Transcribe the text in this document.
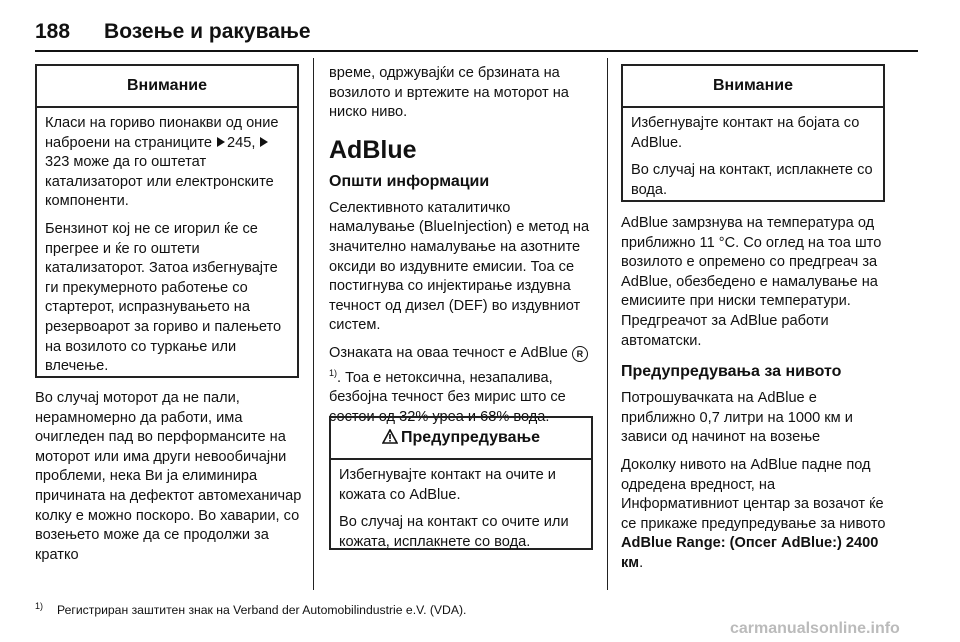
188 Возење и ракување
Внимание

Класи на гориво пионакви од оние наброени на страниците 245, 323 може да го оштетат катализаторот или електронските компоненти.

Бензинот кој не се игорил ќе се прегрее и ќе го оштети катализаторот. Затоа избегнувајте ги прекумерното работење со стартерот, испразнувањето на резервоарот за гориво и палењето на возилото со туркање или влечење.

Во случај моторот да не пали, нерамномерно да работи, има очигледен пад во перформансите на моторот или има други невообичајни проблеми, нека Ви ја елиминира причината на дефектот автомеханичар колку е можно поскоро. Во хаварии, со возењето може да се продолжи за кратко

време, одржувајќи се брзината на возилото и вртежите на моторот на ниско ниво.

AdBlue
Општи информации

Селективното каталитичко намалување (BlueInjection) е метод на значително намалување на азотните оксиди во издувните емисии. Тоа се постигнува со инјектирање издувна течност од дизел (DEF) во издувниот систем.

Ознаката на оваа течност е AdBlue $R^{1)}$. Тоа е нетоксична, незапалива, безбојна течност без мирис што се состои од 32% уреа и 68% вода.

Предупредување

Избегнувајте контакт на очите и кожата со AdBlue.

Во случај на контакт со очите или кожата, исплакнете со вода.

Внимание

Избегнувајте контакт на бојата со AdBlue.

Во случај на контакт, исплакнете со вода.

AdBlue замрзнува на температура од приближно 11 °C. Со оглед на тоа што возилото е опремено со предгреач за AdBlue, обезбедено е намалување на емисиите при ниски температури. Предгреачот за AdBlue работи автоматски.

Предупредувања за нивото

Потрошувачката на AdBlue е приближно 0,7 литри на 1000 км и зависи од начинот на возење

Доколку нивото на AdBlue падне под одредена вредност, на Информативниот центар за возачот ќе се прикаже предупредување за нивото AdBlue Range: (Опсег AdBlue:) 2400 км.

$^{1)}$ Регистриран заштитен знак на Verband der Automobilindustrie e.V. (VDA).
carmanualsonline.info
